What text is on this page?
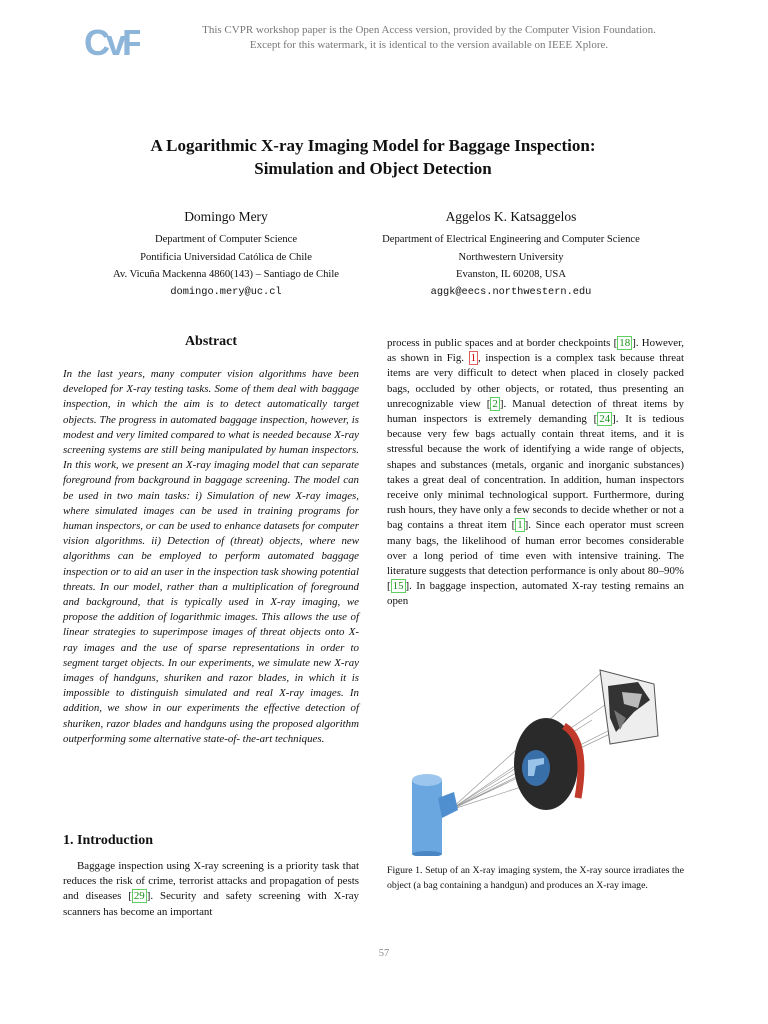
CvF	This CVPR workshop paper is the Open Access version, provided by the Computer Vision Foundation.
Except for this watermark, it is identical to the version available on IEEE Xplore.
A Logarithmic X-ray Imaging Model for Baggage Inspection:
Simulation and Object Detection
Domingo Mery
Department of Computer Science
Pontificia Universidad Católica de Chile
Av. Vicuña Mackenna 4860(143) – Santiago de Chile
domingo.mery@uc.cl
Aggelos K. Katsaggelos
Department of Electrical Engineering and Computer Science
Northwestern University
Evanston, IL 60208, USA
aggk@eecs.northwestern.edu
Abstract

In the last years, many computer vision algorithms have been developed for X-ray testing tasks. Some of them deal with baggage inspection, in which the aim is to detect automatically target objects. The progress in automated baggage inspection, however, is modest and very limited compared to what is needed because X-ray screening systems are still being manipulated by human inspectors. In this work, we present an X-ray imaging model that can separate foreground from background in baggage screening. The model can be used in two main tasks: i) Simulation of new X-ray images, where simulated images can be used in training programs for human inspectors, or can be used to enhance datasets for computer vision algorithms. ii) Detection of (threat) objects, where new algorithms can be employed to perform automated baggage inspection or to aid an user in the inspection task showing potential threats. In our model, rather than a multiplication of foreground and background, that is typically used in X-ray imaging, we propose the addition of logarithmic images. This allows the use of linear strategies to superimpose images of threat objects onto X-ray images and the use of sparse representations in order to segment target objects. In our experiments, we simulate new X-ray images of handguns, shuriken and razor blades, in which it is impossible to distinguish simulated and real X-ray images. In addition, we show in our experiments the effective detection of shuriken, razor blades and handguns using the proposed algorithm outperforming some alternative state-of- the-art techniques.

1. Introduction

Baggage inspection using X-ray screening is a priority task that reduces the risk of crime, terrorist attacks and propagation of pests and diseases [ 29 ]. Security and safety screening with X-ray scanners has become an important

process in public spaces and at border checkpoints [ 18 ]. However, as shown in Fig. 1 , inspection is a complex task because threat items are very difficult to detect when placed in closely packed bags, occluded by other objects, or rotated, thus presenting an unrecognizable view [ 2 ]. Manual detection of threat items by human inspectors is extremely demanding [ 24 ]. It is tedious because very few bags actually contain threat items, and it is stressful because the work of identifying a wide range of objects, shapes and substances (metals, organic and inorganic substances) takes a great deal of concentration. In addition, human inspectors receive only minimal technological support. Furthermore, during rush hours, they have only a few seconds to decide whether or not a bag contains a threat item [ 1 ]. Since each operator must screen many bags, the likelihood of human error becomes considerable over a long period of time even with intensive training. The literature suggests that detection performance is only about 80–90% [ 15 ]. In baggage inspection, automated X-ray testing remains an open

Figure 1. Setup of an X-ray imaging system, the X-ray source irradiates the object (a bag containing a handgun) and produces an X-ray image.

57
